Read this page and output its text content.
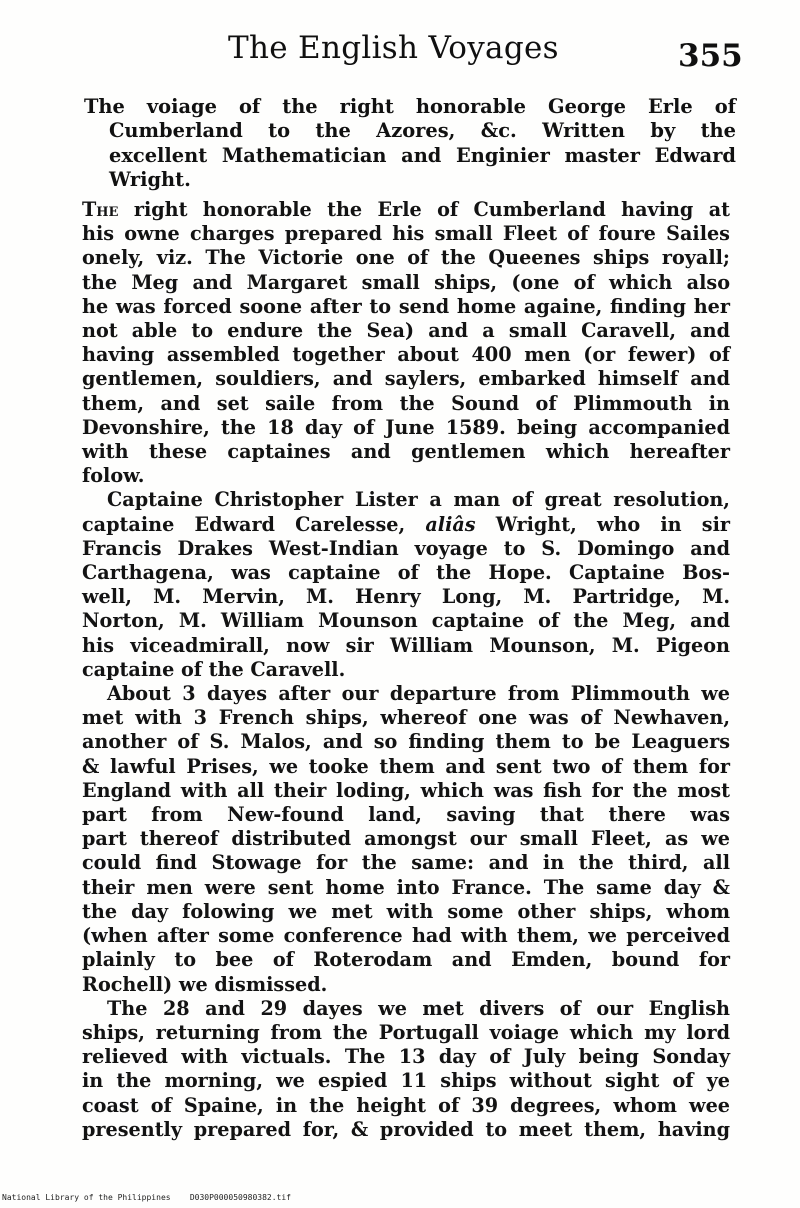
The English Voyages	355
The voiage of the right honorable George Erle of
Cumberland to the Azores, &c. Written by the
excellent Mathematician and Enginier master Edward
Wright.
The right honorable the Erle of Cumberland having at
his owne charges prepared his small Fleet of foure Sailes
onely, viz. The Victorie one of the Queenes ships royall;
the Meg and Margaret small ships, (one of which also
he was forced soone after to send home againe, finding her
not able to endure the Sea) and a small Caravell, and
having assembled together about 400 men (or fewer) of
gentlemen, souldiers, and saylers, embarked himself and
them, and set saile from the Sound of Plimmouth in
Devonshire, the 18 day of June 1589. being accompanied
with these captaines and gentlemen which hereafter
folow.
Captaine Christopher Lister a man of great resolution,
captaine Edward Carelesse, aliâs Wright, who in sir
Francis Drakes West-Indian voyage to S. Domingo and
Carthagena, was captaine of the Hope. Captaine Bos-
well, M. Mervin, M. Henry Long, M. Partridge, M.
Norton, M. William Mounson captaine of the Meg, and
his viceadmirall, now sir William Mounson, M. Pigeon
captaine of the Caravell.
About 3 dayes after our departure from Plimmouth we
met with 3 French ships, whereof one was of Newhaven,
another of S. Malos, and so finding them to be Leaguers
& lawful Prises, we tooke them and sent two of them for
England with all their loding, which was fish for the most
part from New-found land, saving that there was
part thereof distributed amongst our small Fleet, as we
could find Stowage for the same: and in the third, all
their men were sent home into France. The same day &
the day folowing we met with some other ships, whom
(when after some conference had with them, we perceived
plainly to bee of Roterodam and Emden, bound for
Rochell) we dismissed.
The 28 and 29 dayes we met divers of our English
ships, returning from the Portugall voiage which my lord
relieved with victuals. The 13 day of July being Sonday
in the morning, we espied 11 ships without sight of ye
coast of Spaine, in the height of 39 degrees, whom wee
presently prepared for, & provided to meet them, having
National Library of the Philippines    D030P000050980382.tif
